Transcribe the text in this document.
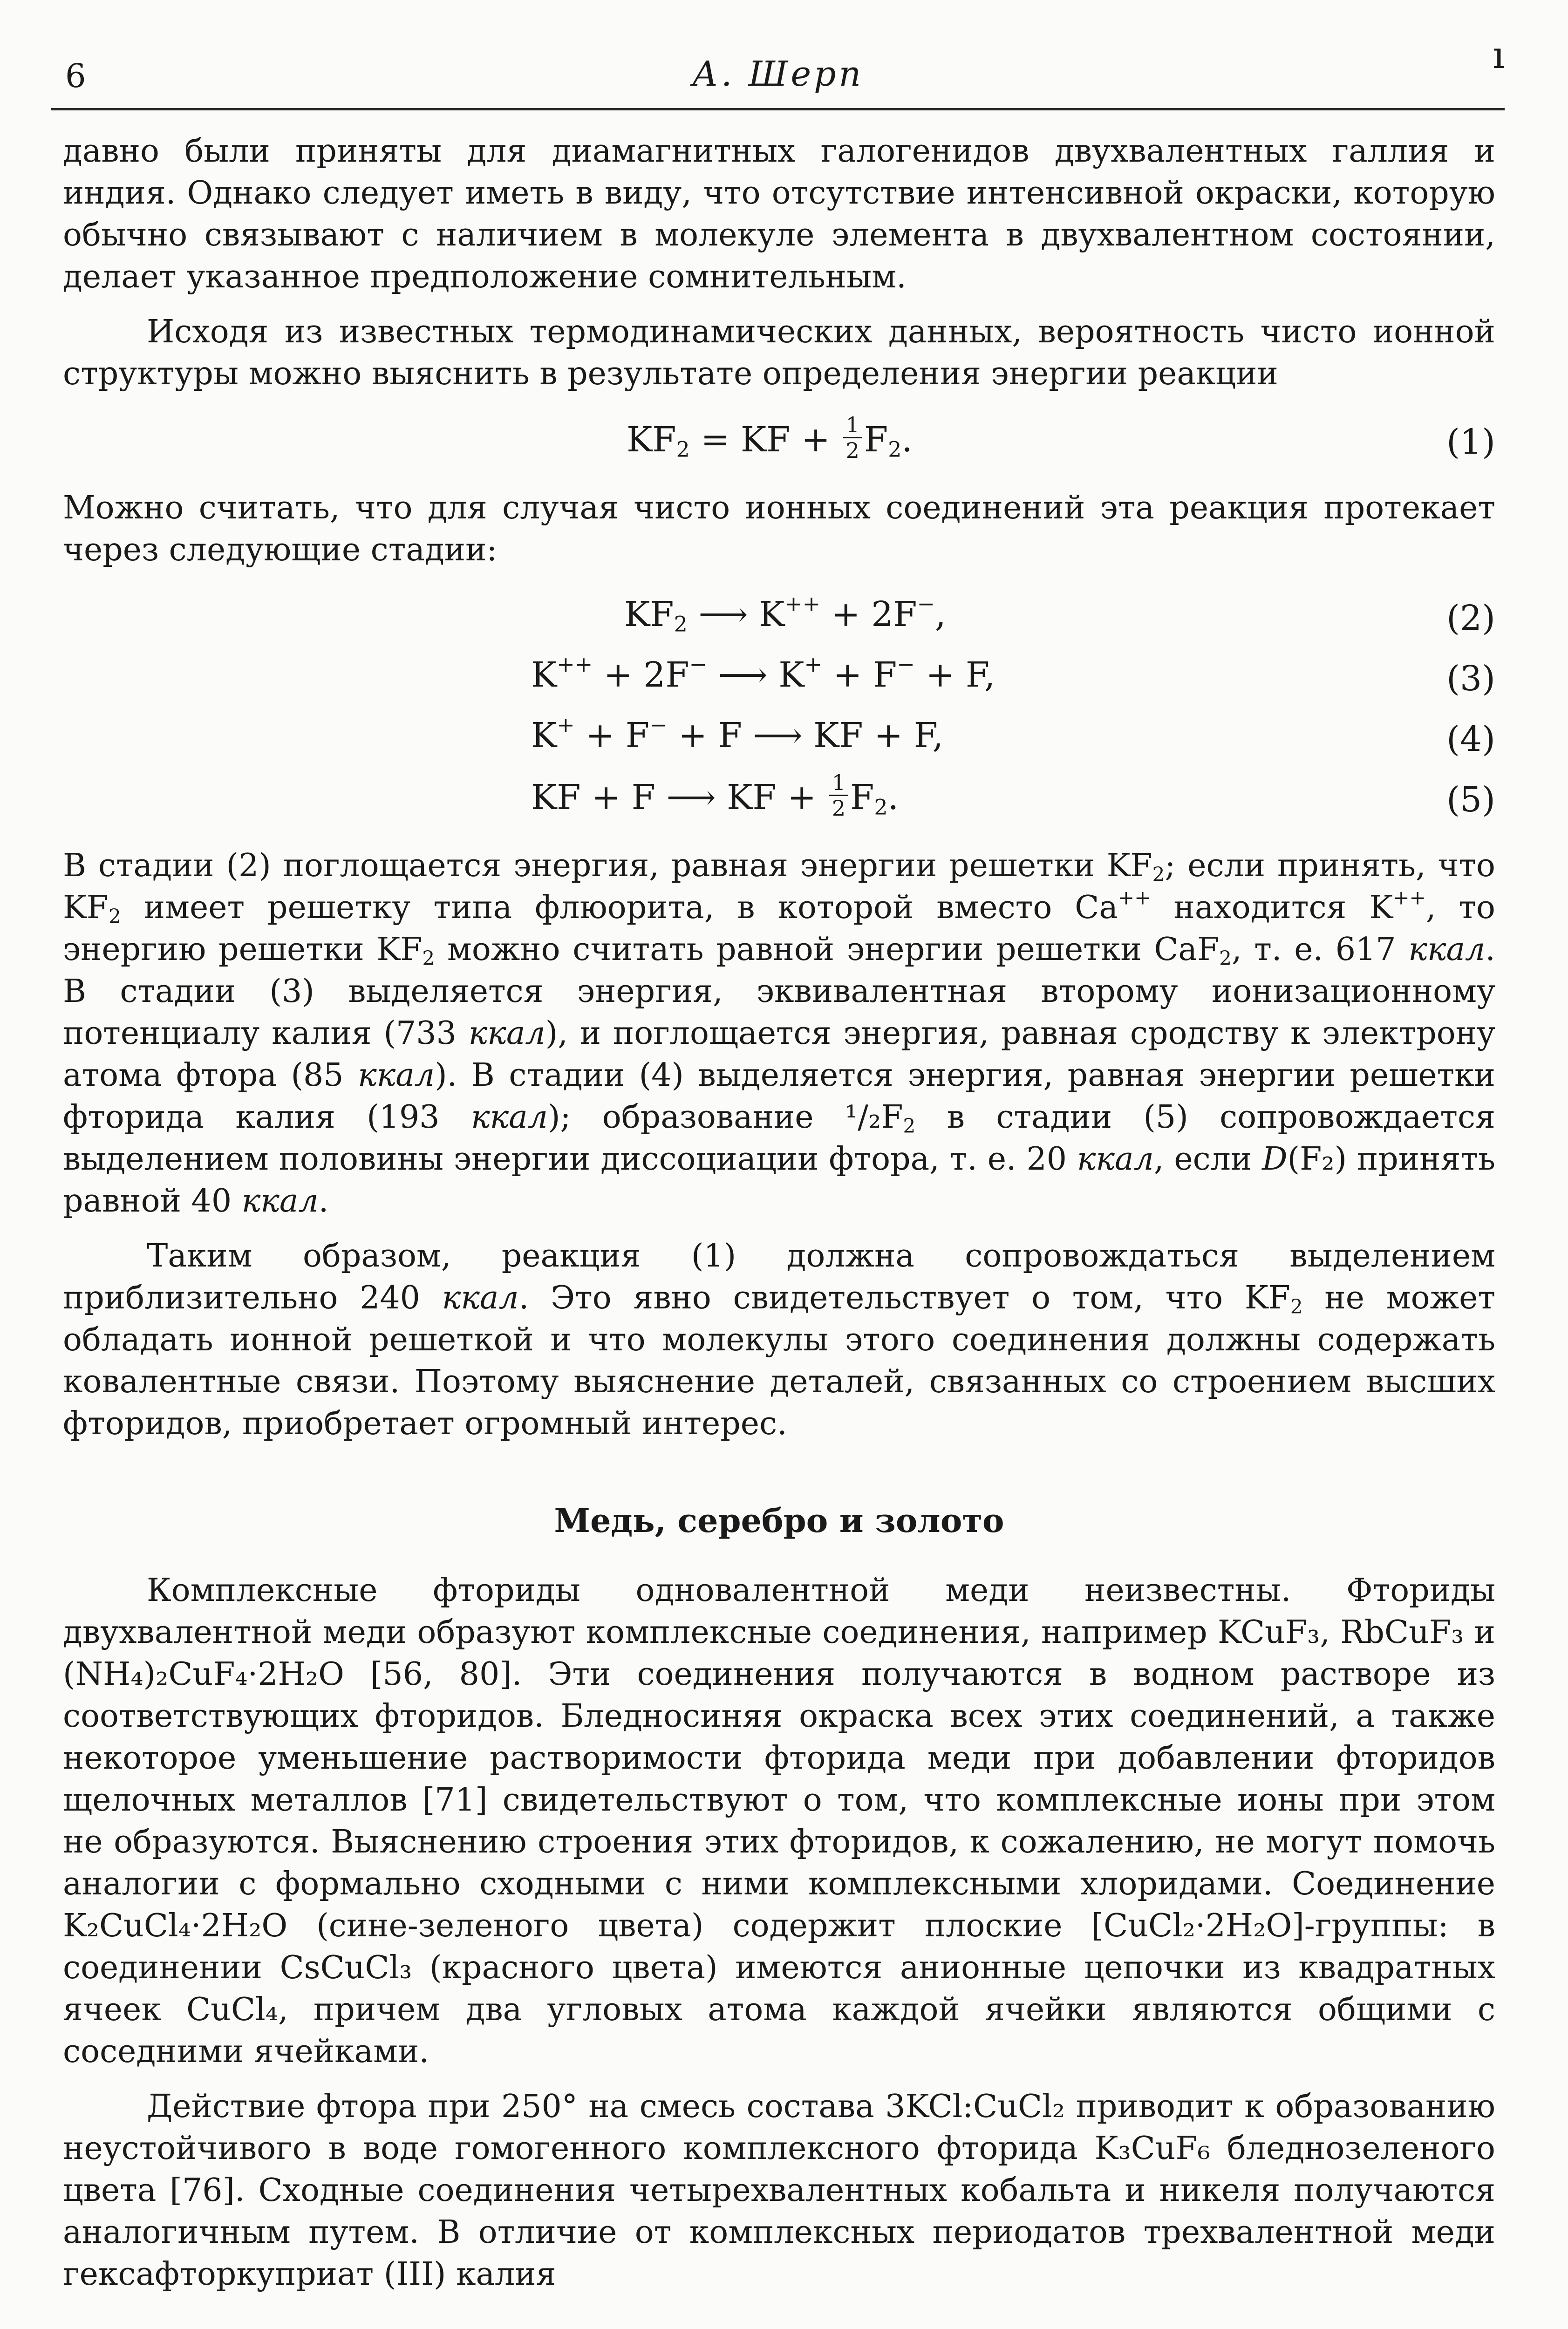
6	А. Шерп	ı

давно были приняты для диамагнитных галогенидов двухвалентных галлия и индия. Однако следует иметь в виду, что отсутствие интенсивной окраски, которую обычно связывают с наличием в молекуле элемента в двухвалентном состоянии, делает указанное предположение сомнительным.

Исходя из известных термодинамических данных, вероятность чисто ионной структуры можно выяснить в результате определения энергии реакции

$KF_2$ = KF + $\frac{1}{2} F_2$.	(1)

Можно считать, что для случая чисто ионных соединений эта реакция протекает через следующие стадии:

$KF_2$ ⟶ K++ + 2F−,	(2)
K++ + 2F− ⟶ K+ + F− + F,	(3)
K+ + F− + F ⟶ KF + F,	(4)
KF + F ⟶ KF + $\frac{1}{2} F_2$.	(5)

В стадии (2) поглощается энергия, равная энергии решетки $KF_2$; если принять, что $KF_2$ имеет решетку типа флюорита, в которой вместо Ca++ находится K++, то энергию решетки $KF_2$ можно считать равной энергии решетки CaF$_2$, т. е. 617 ккал. В стадии (3) выделяется энергия, эквивалентная второму ионизационному потенциалу калия (733 ккал), и поглощается энергия, равная сродству к электрону атома фтора (85 ккал). В стадии (4) выделяется энергия, равная энергии решетки фторида калия (193 ккал); образование $^1/_2F_2$ в стадии (5) сопровождается выделением половины энергии диссоциации фтора, т. е. 20 ккал, если D(F₂) принять равной 40 ккал.

Таким образом, реакция (1) должна сопровождаться выделением приблизительно 240 ккал. Это явно свидетельствует о том, что $KF_2$ не может обладать ионной решеткой и что молекулы этого соединения должны содержать ковалентные связи. Поэтому выяснение деталей, связанных со строением высших фторидов, приобретает огромный интерес.

Медь, серебро и золото

Комплексные фториды одновалентной меди неизвестны. Фториды двухвалентной меди образуют комплексные соединения, например KCuF₃, RbCuF₃ и (NH₄)₂CuF₄·2H₂O [56, 80]. Эти соединения получаются в водном растворе из соответствующих фторидов. Бледносиняя окраска всех этих соединений, а также некоторое уменьшение растворимости фторида меди при добавлении фторидов щелочных металлов [71] свидетельствуют о том, что комплексные ионы при этом не образуются. Выяснению строения этих фторидов, к сожалению, не могут помочь аналогии с формально сходными с ними комплексными хлоридами. Соединение K₂CuCl₄·2H₂O (сине-зеленого цвета) содержит плоские [CuCl₂·2H₂O]-группы: в соединении CsCuCl₃ (красного цвета) имеются анионные цепочки из квадратных ячеек CuCl₄, причем два угловых атома каждой ячейки являются общими с соседними ячейками.

Действие фтора при 250° на смесь состава 3KCl:CuCl₂ приводит к образованию неустойчивого в воде гомогенного комплексного фторида K₃CuF₆ бледнозеленого цвета [76]. Сходные соединения четырехвалентных кобальта и никеля получаются аналогичным путем. В отличие от комплексных периодатов трехвалентной меди гексафторкуприат (III) калия
